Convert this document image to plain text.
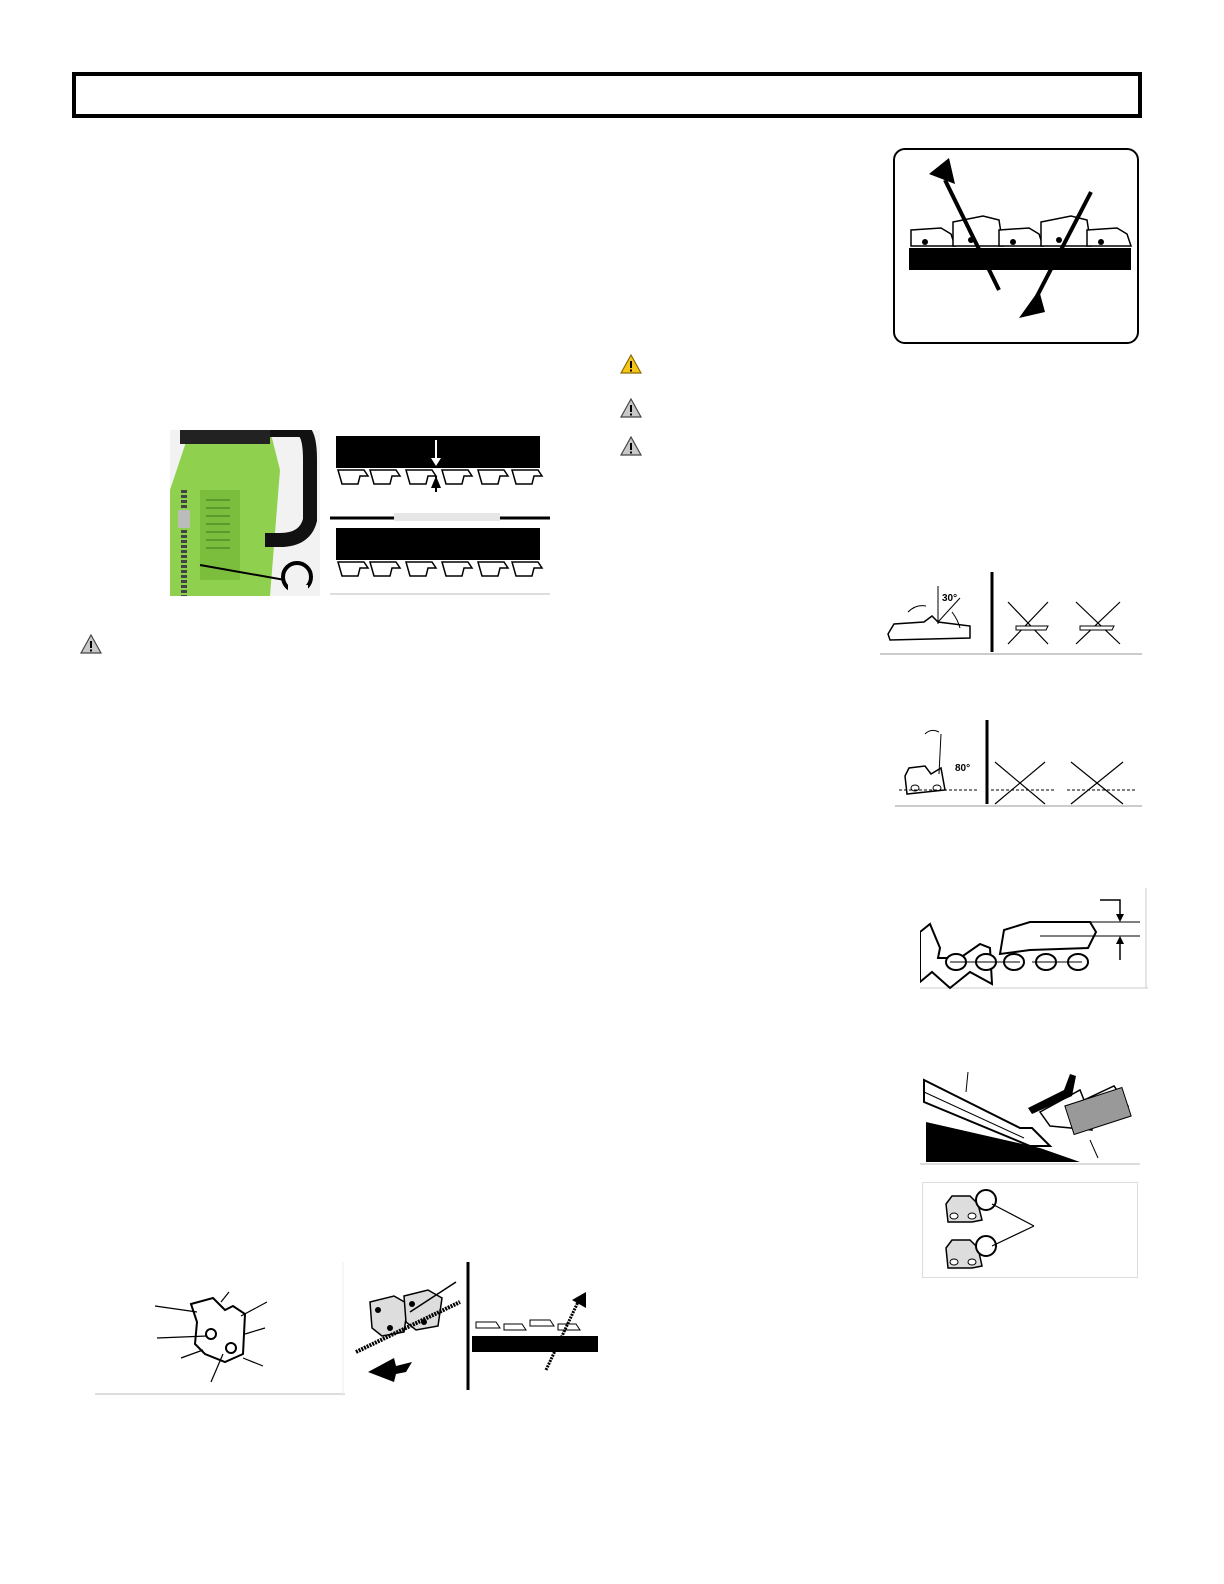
30°
80°
